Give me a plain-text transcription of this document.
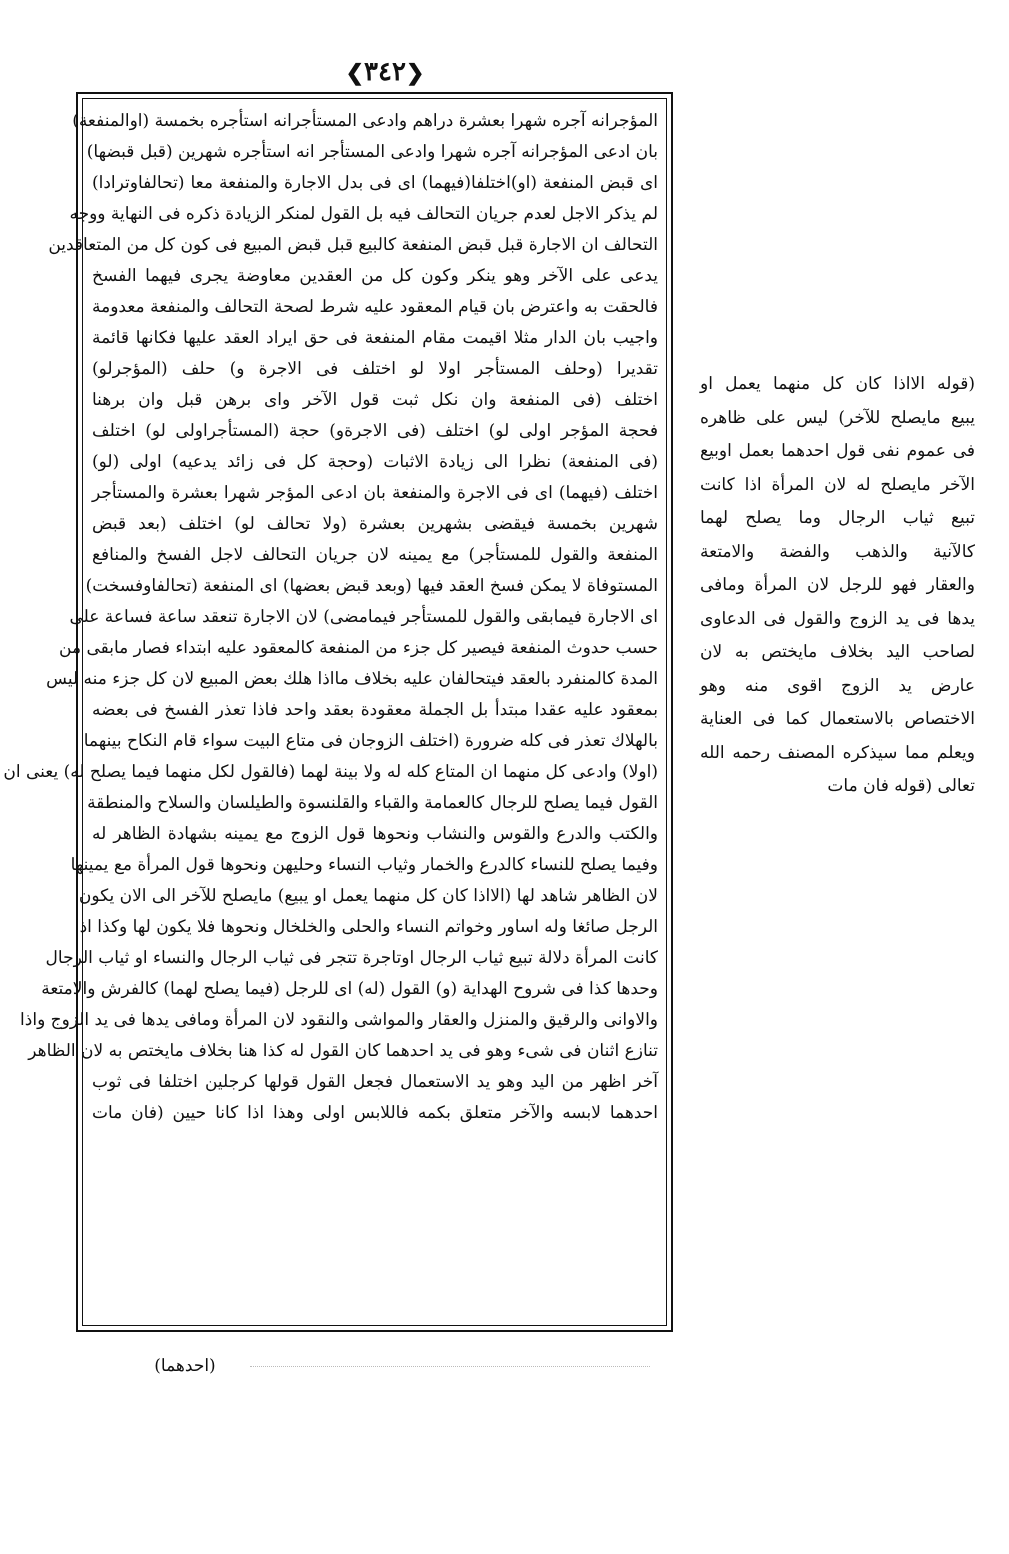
❮٣٤٢❯
المؤجرانه آجره شهرا بعشرة دراهم وادعى المستأجرانه استأجره بخمسة (اوالمنفعة)
بان ادعى المؤجرانه آجره شهرا وادعى المستأجر انه استأجره شهرين (قبل قبضها)
اى قبض المنفعة (او)اختلفا(فيهما) اى فى بدل الاجارة والمنفعة معا (تحالفاوترادا)
لم يذكر الاجل لعدم جريان التحالف فيه بل القول لمنكر الزيادة ذكره فى النهاية ووجه
التحالف ان الاجارة قبل قبض المنفعة كالبيع قبل قبض المبيع فى كون كل من المتعاقدين
يدعى على الآخر وهو ينكر وكون كل من العقدين معاوضة يجرى فيهما الفسخ
فالحقت به واعترض بان قيام المعقود عليه شرط لصحة التحالف والمنفعة معدومة
واجيب بان الدار مثلا اقيمت مقام المنفعة فى حق ايراد العقد عليها فكانها قائمة
تقديرا (وحلف المستأجر اولا لو اختلف فى الاجرة و) حلف (المؤجرلو)
اختلف (فى المنفعة وان نكل ثبت قول الآخر واى برهن قبل وان برهنا
فحجة المؤجر اولى لو) اختلف (فى الاجرةو) حجة (المستأجراولى لو) اختلف
(فى المنفعة) نظرا الى زيادة الاثبات (وحجة كل فى زائد يدعيه) اولى (لو)
اختلف (فيهما) اى فى الاجرة والمنفعة بان ادعى المؤجر شهرا بعشرة والمستأجر
شهرين بخمسة فيقضى بشهرين بعشرة (ولا تحالف لو) اختلف (بعد قبض
المنفعة والقول للمستأجر) مع يمينه لان جريان التحالف لاجل الفسخ والمنافع
المستوفاة لا يمكن فسخ العقد فيها (وبعد قبض بعضها) اى المنفعة (تحالفاوفسخت)
اى الاجارة فيمابقى والقول للمستأجر فيمامضى) لان الاجارة تنعقد ساعة فساعة على
حسب حدوث المنفعة فيصير كل جزء من المنفعة كالمعقود عليه ابتداء فصار مابقى من
المدة كالمنفرد بالعقد فيتحالفان عليه بخلاف مااذا هلك بعض المبيع لان كل جزء منه ليس
بمعقود عليه عقدا مبتدأ بل الجملة معقودة بعقد واحد فاذا تعذر الفسخ فى بعضه
بالهلاك تعذر فى كله ضرورة (اختلف الزوجان فى متاع البيت سواء قام النكاح بينهما
(اولا) وادعى كل منهما ان المتاع كله له ولا بينة لهما (فالقول لكل منهما فيما يصلح له) يعنى ان
القول فيما يصلح للرجال كالعمامة والقباء والقلنسوة والطيلسان والسلاح والمنطقة
والكتب والدرع والقوس والنشاب ونحوها قول الزوج مع يمينه بشهادة الظاهر له
وفيما يصلح للنساء كالدرع والخمار وثياب النساء وحليهن ونحوها قول المرأة مع يمينها
لان الظاهر شاهد لها (الااذا كان كل منهما يعمل او يبيع) مايصلح للآخر الى الان يكون
الرجل صائغا وله اساور وخواتم النساء والحلى والخلخال ونحوها فلا يكون لها وكذا اذا
كانت المرأة دلالة تبيع ثياب الرجال اوتاجرة تتجر فى ثياب الرجال والنساء او ثياب الرجال
وحدها كذا فى شروح الهداية (و) القول (له) اى للرجل (فيما يصلح لهما) كالفرش والامتعة
والاوانى والرقيق والمنزل والعقار والمواشى والنقود لان المرأة ومافى يدها فى يد الزوج واذا
تنازع اثنان فى شىء وهو فى يد احدهما كان القول له كذا هنا بخلاف مايختص به لان الظاهر
آخر اظهر من اليد وهو يد الاستعمال فجعل القول قولها كرجلين اختلفا فى ثوب
احدهما لابسه والآخر متعلق بكمه فاللابس اولى وهذا اذا كانا حيين (فان مات
(قوله الااذا كان كل منهما يعمل او
يبيع مايصلح للآخر) ليس على ظاهره
فى عموم نفى قول احدهما بعمل اوبيع
الآخر مايصلح له لان المرأة اذا كانت
تبيع ثياب الرجال وما يصلح لهما
كالآنية والذهب والفضة والامتعة
والعقار فهو للرجل لان المرأة ومافى
يدها فى يد الزوج والقول فى الدعاوى
لصاحب اليد بخلاف مايختص به لان
عارض يد الزوج اقوى منه وهو
الاختصاص بالاستعمال كما فى العناية
ويعلم مما سيذكره المصنف رحمه الله
تعالى (قوله فان مات
(احدهما)
